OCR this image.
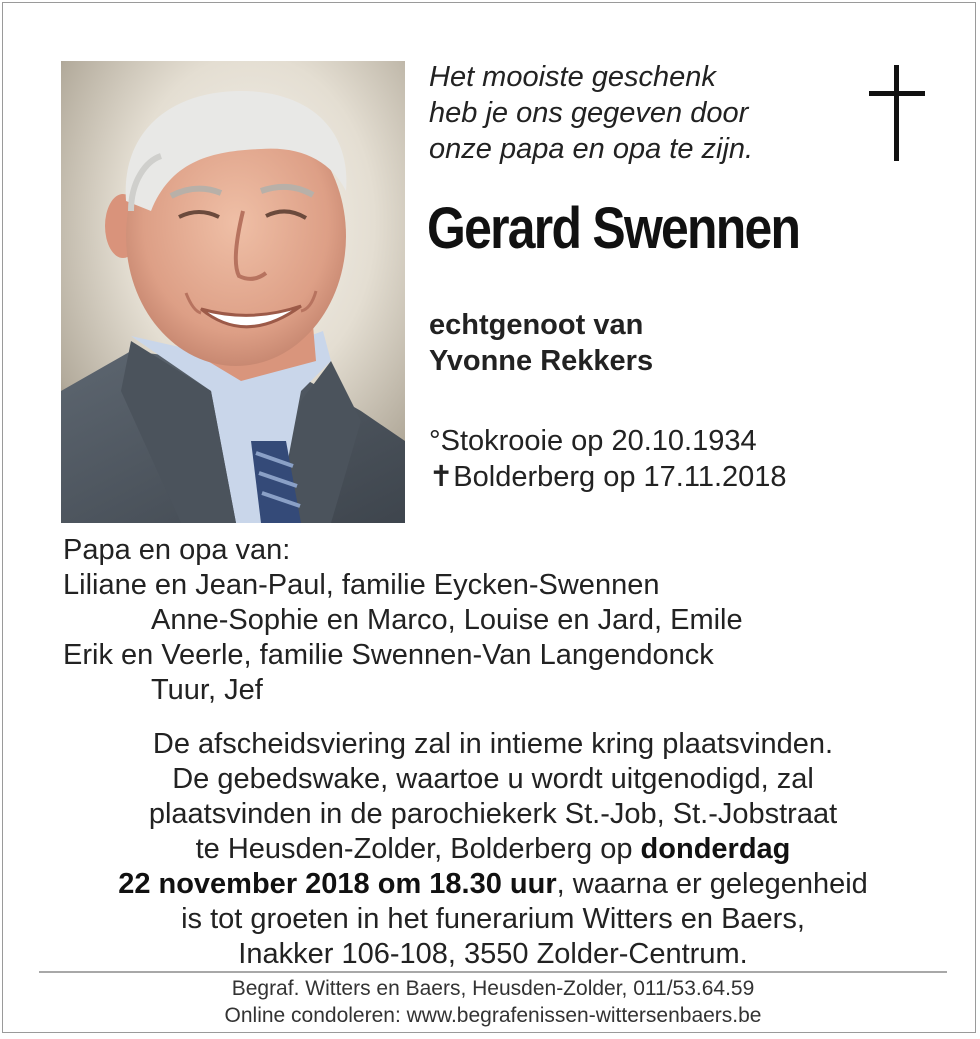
Het mooiste geschenk
heb je ons gegeven door
onze papa en opa te zijn.
Gerard Swennen
echtgenoot van
Yvonne Rekkers
°Stokrooie op 20.10.1934
✝Bolderberg op 17.11.2018
Papa en opa van:
Liliane en Jean-Paul, familie Eycken-Swennen
Anne-Sophie en Marco, Louise en Jard, Emile
Erik en Veerle, familie Swennen-Van Langendonck
Tuur, Jef
De afscheidsviering zal in intieme kring plaatsvinden.
De gebedswake, waartoe u wordt uitgenodigd, zal
plaatsvinden in de parochiekerk St.-Job, St.-Jobstraat
te Heusden-Zolder, Bolderberg op donderdag
22 november 2018 om 18.30 uur, waarna er gelegenheid
is tot groeten in het funerarium Witters en Baers,
Inakker 106-108, 3550 Zolder-Centrum.
Begraf. Witters en Baers, Heusden-Zolder, 011/53.64.59
Online condoleren: www.begrafenissen-wittersenbaers.be
